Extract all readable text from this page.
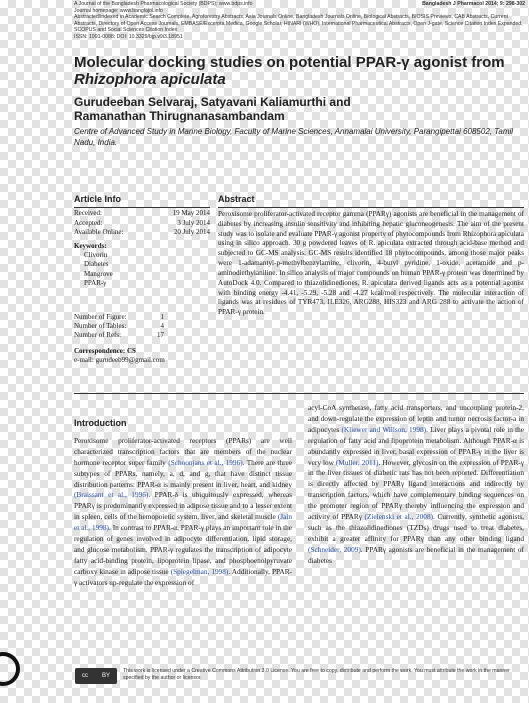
A Journal of the Bangladesh Pharmacological Society (BDPS); www.bdps.info
Journal homepage: www.banglajol.info
Abstracted/indexed in Academic Search Complete, Agroforestry Abstracts, Asia Journals Online, Bangladesh Journals Online, Biological Abstracts, BIOSIS Previews, CAB Abstracts, Current Abstracts, Directory of Open Access Journals, EMBASE/Excerpta Medica, Google Scholar, HINARI (WHO), International Pharmaceutical Abstracts, Open J-gate, Science Citation Index Expanded, SCOPUS and Social Sciences Citation Index
ISSN: 1991-0088; DOI: 10.3329/bjp.v9i3.18951
Bangladesh J Pharmacol 2014; 9: 298-302
Molecular docking studies on potential PPAR-γ agonist from
Rhizophora apiculata
Gurudeeban Selvaraj, Satyavani Kaliamurthi and
Ramanathan Thirugnanasambandam
Centre of Advanced Study in Marine Biology, Faculty of Marine Sciences, Annamalai University, Parangipettai 608502, Tamil Nadu, India.
Article Info
Received:	19 May 2014
Accepted:	3 July 2014
Available Online:	20 July 2014
Keywords:
Clivorin
Diabetes
Mangrove
PPAR-γ
Number of Figure:	1
Number of Tables:	4
Number of Refs:	17
Correspondence: CS
e-mail: gurudeeb99@gmail.com
Abstract
Peroxisome proliferator-activated receptor gamma (PPARγ) agonists are beneficial in the management of diabetes by increasing insulin sensitivity and inhibiting hepatic gluconeogenesis. The aim of the present study was to isolate and evaluate PPAR-γ agonist property of phytocompounds from Rhizophora apiculata using in silico approach. 30 g powdered leaves of R. apiculata extracted through acid-base method and subjected to GC-MS analysis. GC-MS results identified 18 phytocompounds, among those major peaks were 1-adamantyl-p-methylbenzylamine, clivorin, 4-butyl pyridine, 1-oxide, acetamide and p-aminodiethylaniline. In silico analysis of major compounds on human PPAR-γ protein was determined by AutoDock 4.0. Compared to thiazolidinediones, R. apiculata derived ligands acts as a potential agonist with binding energy -4.41, -5.29, -5.28 and -4.27 kcal/mol respectively. The molecular interaction of ligands was at residues of TYR473, ILE326, ARG288, HIS323 and ARG 288 to activate the action of PPAR-γ protein.
Introduction
Peroxisome proliferator-activated receptors (PPARs) are well characterized transcription factors that are members of the nuclear hormone receptor super family (Schoonjans et al., 1996). There are three subtypes of PPARs, namely, a, d, and g, that have distinct tissue distribution patterns: PPAR-α is mainly present in liver, heart, and kidney (Braissant et al., 1996). PPAR-δ is ubiquitously expressed, whereas PPARγ is predominantly expressed in adipose tissue and to a lesser extent in spleen, cells of the hemopoietic system, liver, and skeletal muscle (Jain et al., 1998). In contrast to PPAR-α, PPAR-γ plays an important role in the regulation of genes involved in adipocyte differentiation, lipid storage, and glucose metabolism. PPAR-γ regulates the transcription of adipocyte fatty acid-binding protein, lipoprotein lipase, and phosphoenolpyruvate carboxy kinase in adipose tissue (Spiegelman, 1998). Additionally, PPAR-γ activators up-regulate the expression of
acyl-CoA synthetase, fatty acid transporters, and uncoupling protein-2, and down-regulate the expression of leptin and tumor necrosis factor-a in adipocytes (Kliewer and Willson, 1998). Liver plays a pivotal role in the regulation of fatty acid and lipoprotein metabolism. Although PPAR-α is abundantly expressed in liver, basal expression of PPAR-γ in the liver is very low (Muller, 2011). However, glycosin on the expression of PPAR-γ in the liver tissues of diabetic rats has not been reported. Differentiation is directly affected by PPARγ ligand interactions and indirectly by transcription factors, which have complementary binding sequences on the promoter region of PPARγ thereby influencing the expression and activity of PPARγ (Zielenski et al., 2008). Currently, synthetic agonists, such as the thiazolidinediones (TZDs) drugs used to treat diabetes, exhibit a greater affinity for PPARγ than any other binding ligand (Schneider, 2009). PPARγ agonists are beneficial in the management of diabetes
cc BY
This work is licensed under a Creative Commons Attribution 3.0 License. You are free to copy, distribute and perform the work. You must attribute the work in the manner specified by the author or licensor.
